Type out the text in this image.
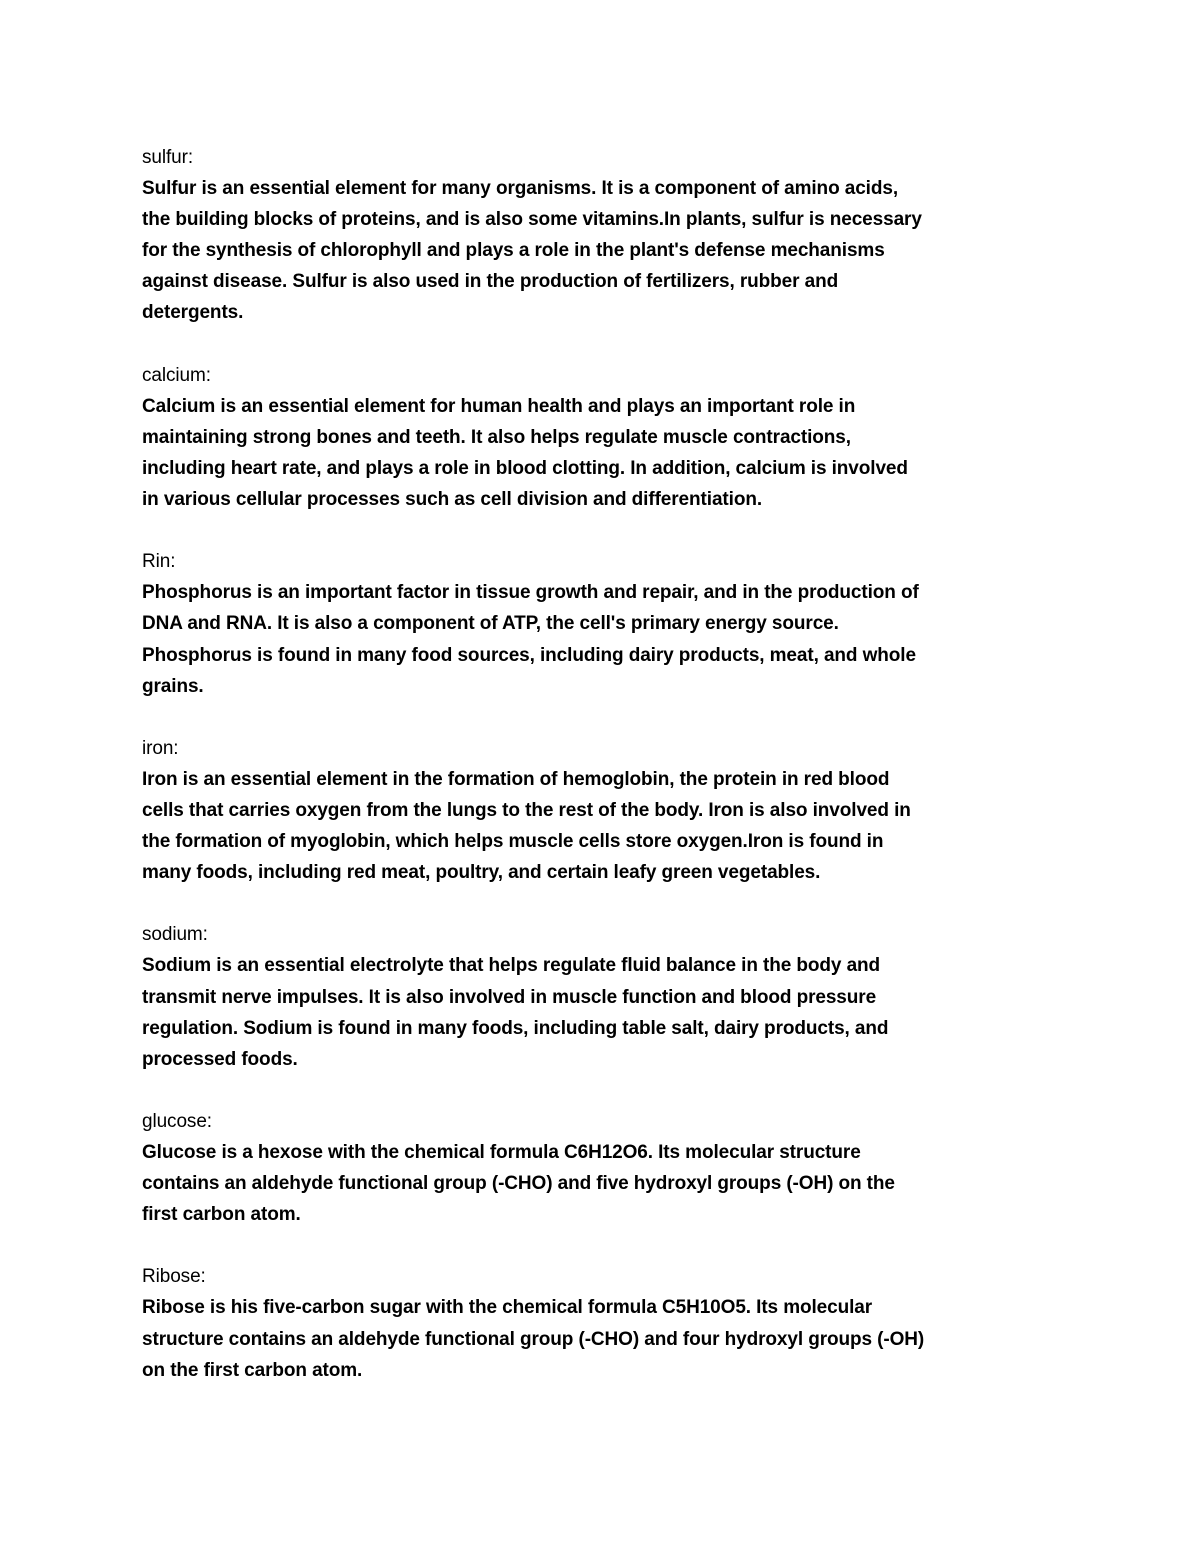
sulfur:
Sulfur is an essential element for many organisms. It is a component of amino acids,
the building blocks of proteins, and is also some vitamins.In plants, sulfur is necessary
for the synthesis of chlorophyll and plays a role in the plant's defense mechanisms
against disease. Sulfur is also used in the production of fertilizers, rubber and
detergents.
calcium:
Calcium is an essential element for human health and plays an important role in
maintaining strong bones and teeth. It also helps regulate muscle contractions,
including heart rate, and plays a role in blood clotting. In addition, calcium is involved
in various cellular processes such as cell division and differentiation.
Rin:
Phosphorus is an important factor in tissue growth and repair, and in the production of
DNA and RNA. It is also a component of ATP, the cell's primary energy source.
Phosphorus is found in many food sources, including dairy products, meat, and whole
grains.
iron:
Iron is an essential element in the formation of hemoglobin, the protein in red blood
cells that carries oxygen from the lungs to the rest of the body. Iron is also involved in
the formation of myoglobin, which helps muscle cells store oxygen.Iron is found in
many foods, including red meat, poultry, and certain leafy green vegetables.
sodium:
Sodium is an essential electrolyte that helps regulate fluid balance in the body and
transmit nerve impulses. It is also involved in muscle function and blood pressure
regulation. Sodium is found in many foods, including table salt, dairy products, and
processed foods.
glucose:
Glucose is a hexose with the chemical formula C6H12O6. Its molecular structure
contains an aldehyde functional group (-CHO) and five hydroxyl groups (-OH) on the
first carbon atom.
Ribose:
Ribose is his five-carbon sugar with the chemical formula C5H10O5. Its molecular
structure contains an aldehyde functional group (-CHO) and four hydroxyl groups (-OH)
on the first carbon atom.
